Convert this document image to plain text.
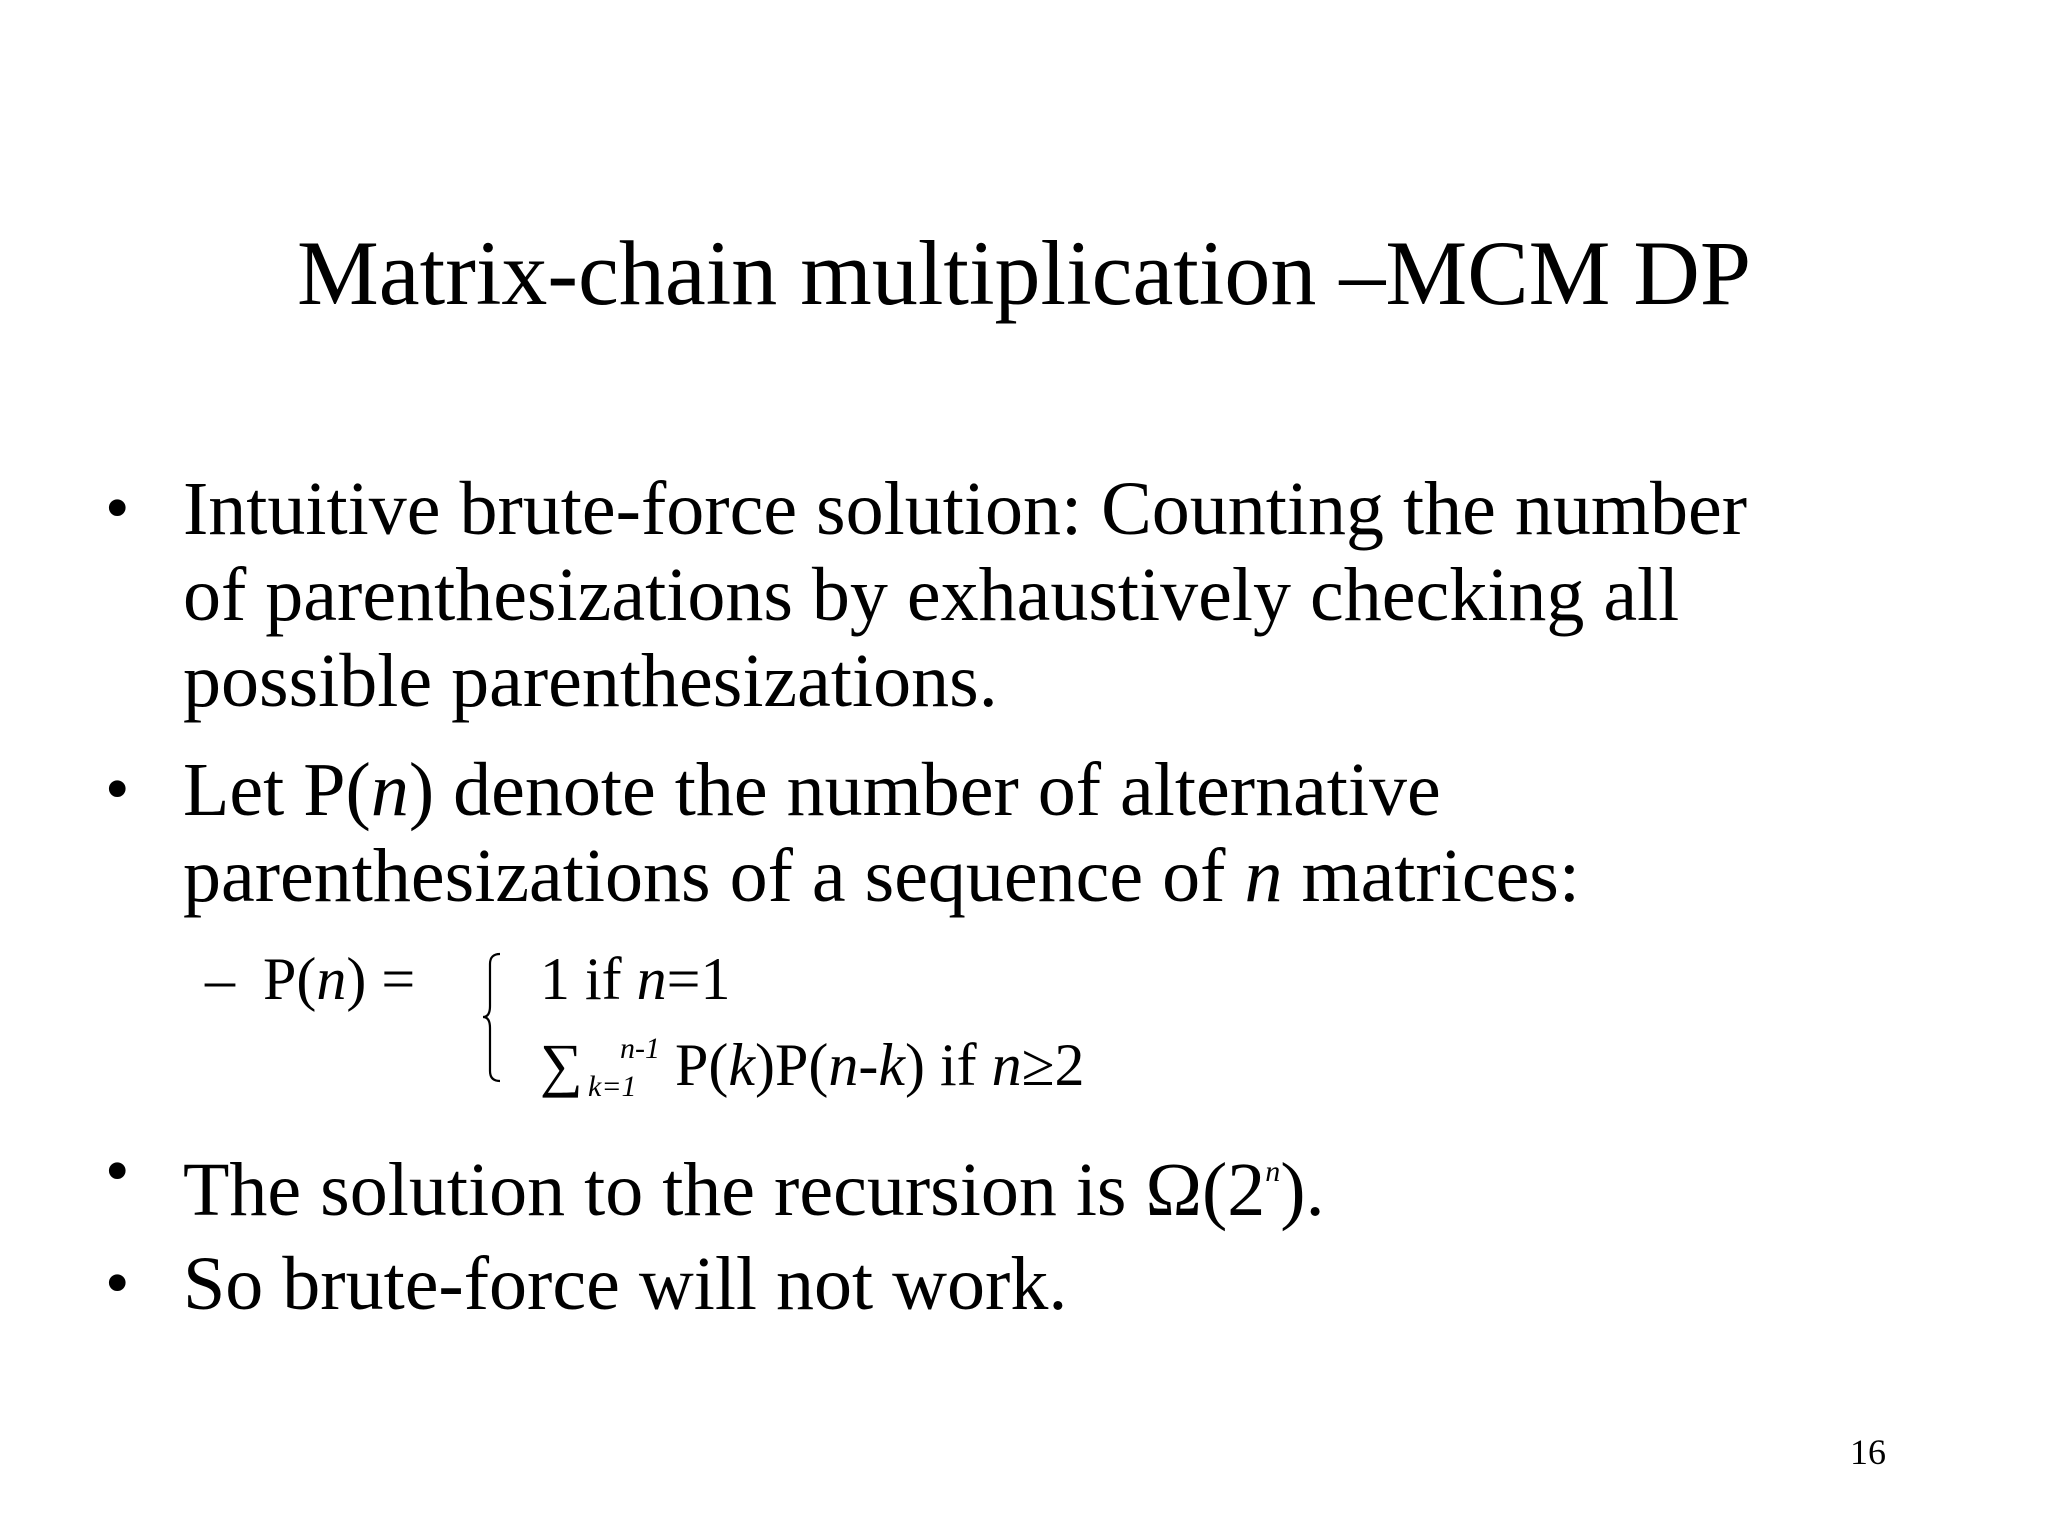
Matrix-chain multiplication –MCM DP
• Intuitive brute-force solution: Counting the number
of parenthesizations by exhaustively checking all
possible parenthesizations.
• Let P(n) denote the number of alternative
parenthesizations of a sequence of n matrices:
– P(n) = 1 if n=1
∑ k=1
n-1 P(k)P(n-k) if n≥2
• The solution to the recursion is Ω(2$^n$).
• So brute-force will not work.
16
